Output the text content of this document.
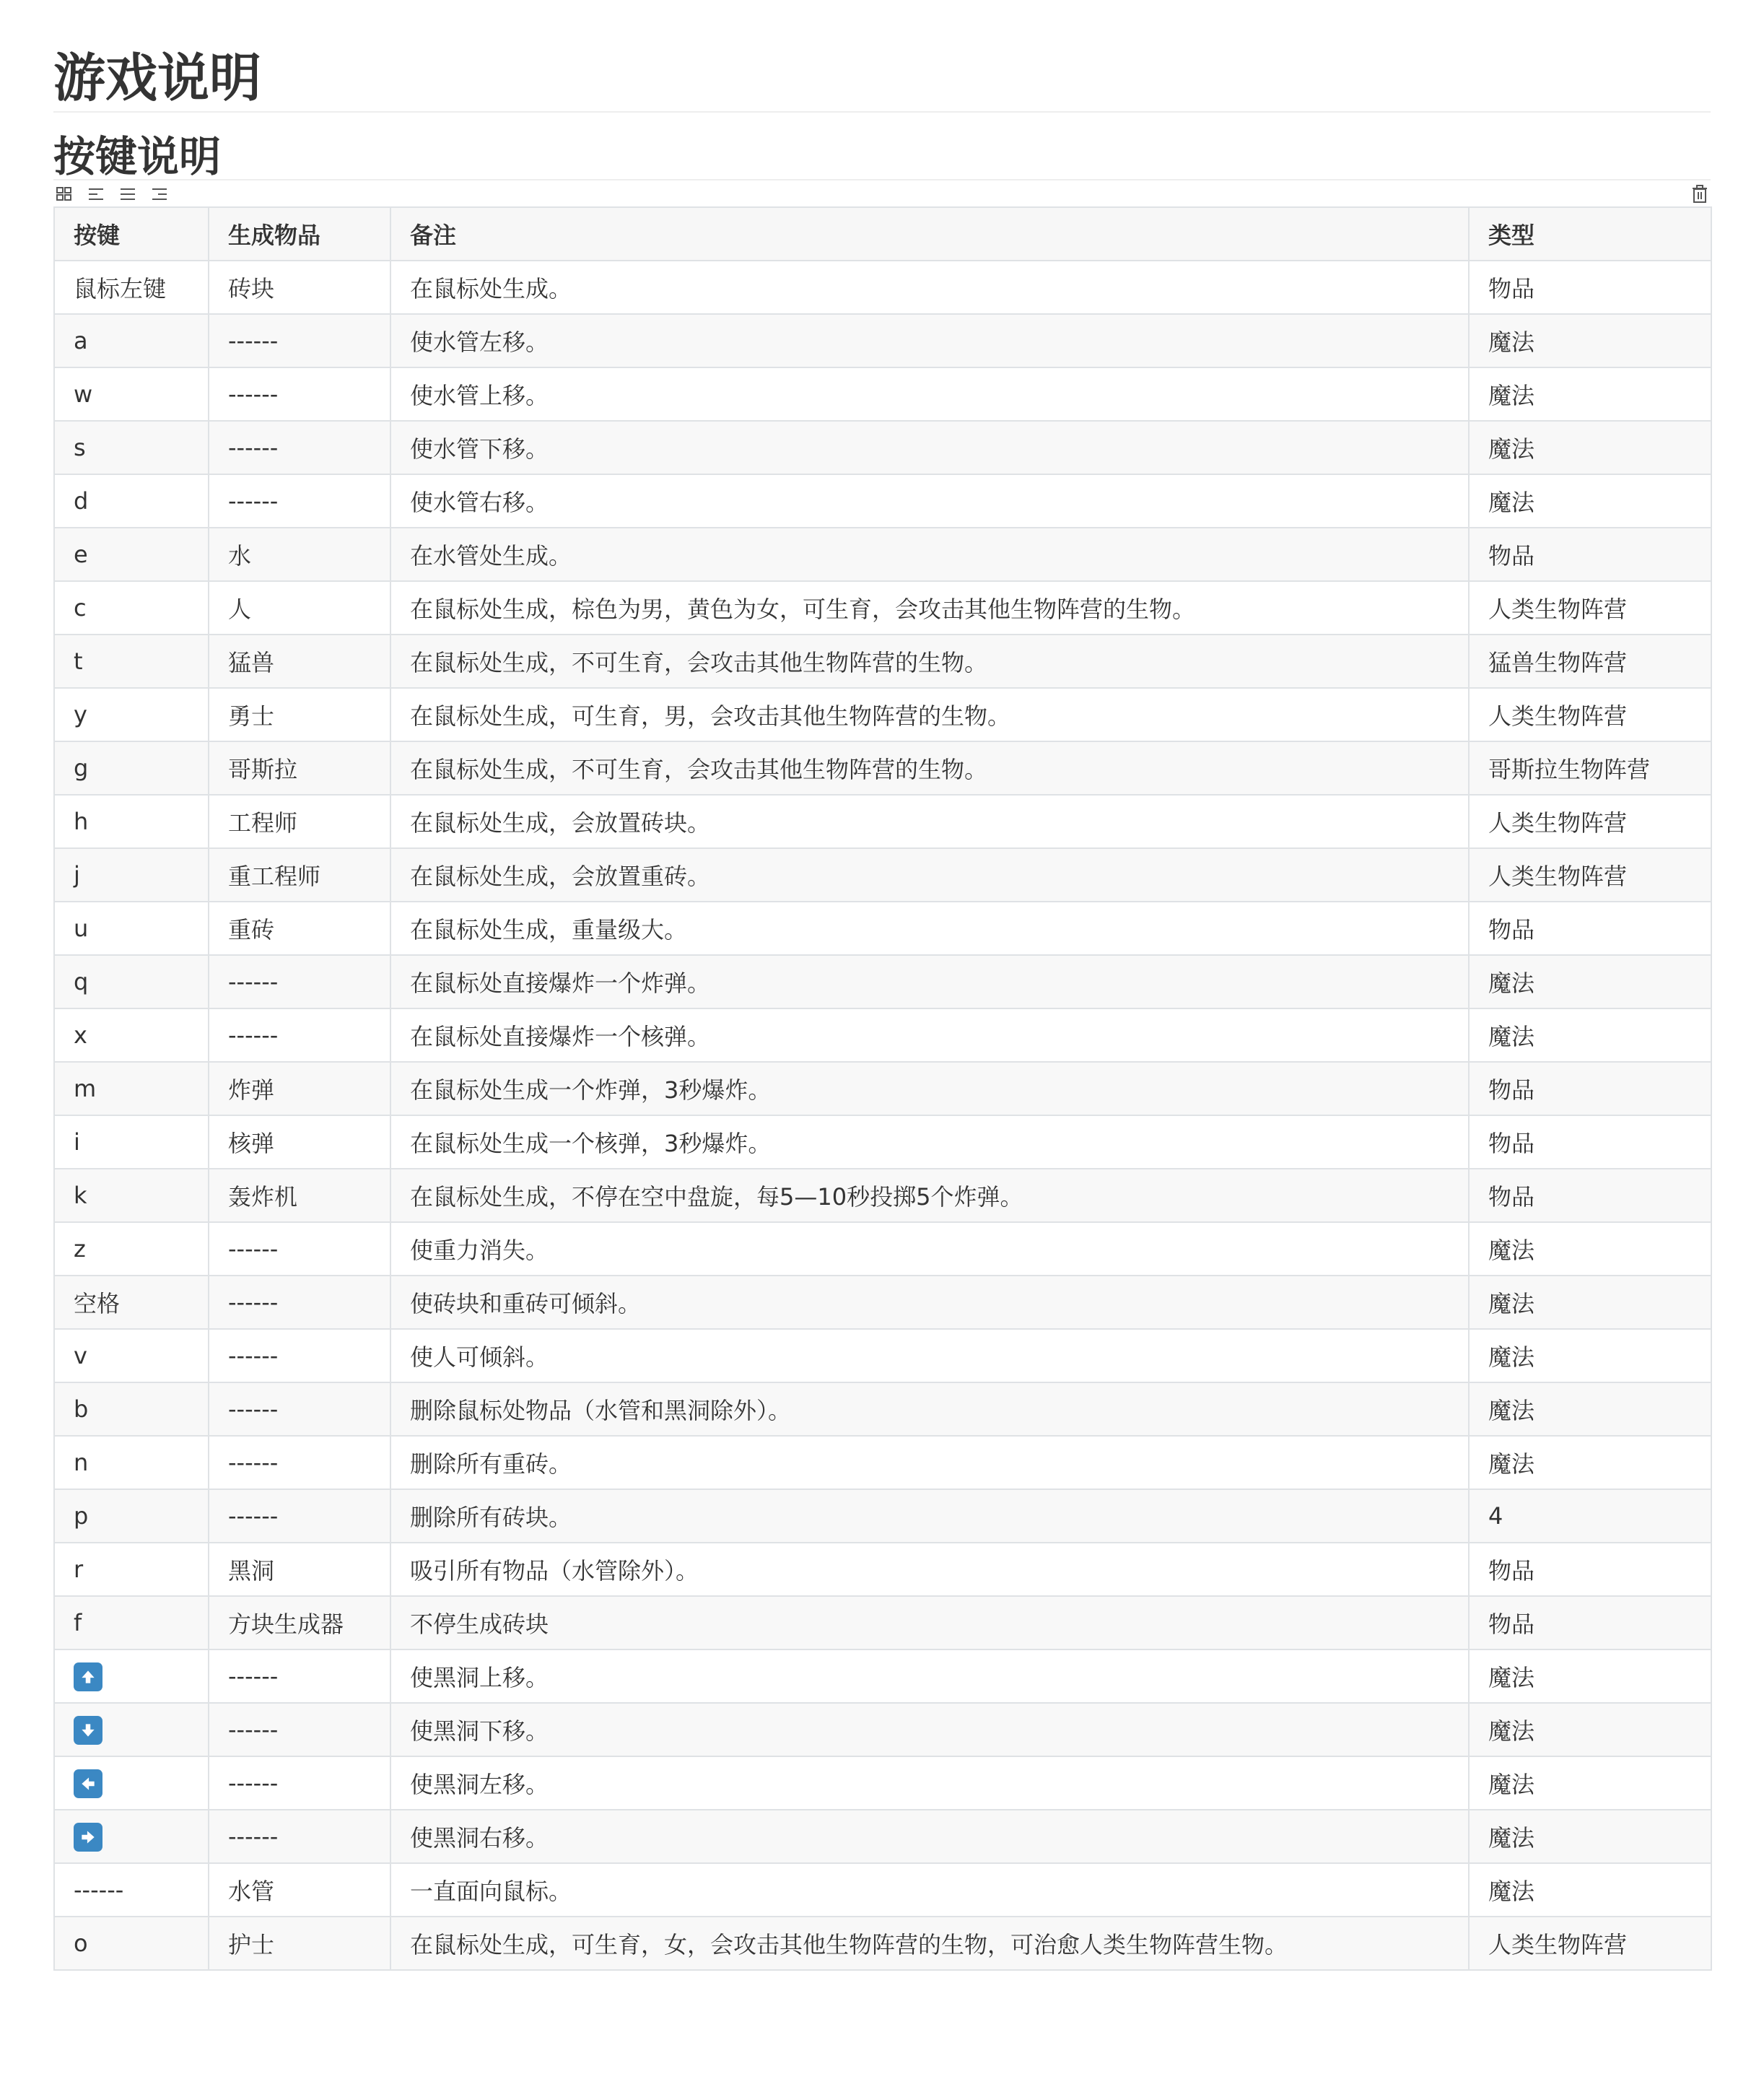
游戏说明
按键说明
按键	生成物品	备注	类型
鼠标左键	砖块	在鼠标处生成。	物品
a	------	使水管左移。	魔法
w	------	使水管上移。	魔法
s	------	使水管下移。	魔法
d	------	使水管右移。	魔法
e	水	在水管处生成。	物品
c	人	在鼠标处生成，棕色为男，黄色为女，可生育，会攻击其他生物阵营的生物。	人类生物阵营
t	猛兽	在鼠标处生成，不可生育，会攻击其他生物阵营的生物。	猛兽生物阵营
y	勇士	在鼠标处生成，可生育，男，会攻击其他生物阵营的生物。	人类生物阵营
g	哥斯拉	在鼠标处生成，不可生育，会攻击其他生物阵营的生物。	哥斯拉生物阵营
h	工程师	在鼠标处生成，会放置砖块。	人类生物阵营
j	重工程师	在鼠标处生成，会放置重砖。	人类生物阵营
u	重砖	在鼠标处生成，重量级大。	物品
q	------	在鼠标处直接爆炸一个炸弹。	魔法
x	------	在鼠标处直接爆炸一个核弹。	魔法
m	炸弹	在鼠标处生成一个炸弹，3秒爆炸。	物品
i	核弹	在鼠标处生成一个核弹，3秒爆炸。	物品
k	轰炸机	在鼠标处生成，不停在空中盘旋，每5—10秒投掷5个炸弹。	物品
z	------	使重力消失。	魔法
空格	------	使砖块和重砖可倾斜。	魔法
v	------	使人可倾斜。	魔法
b	------	删除鼠标处物品（水管和黑洞除外）。	魔法
n	------	删除所有重砖。	魔法
p	------	删除所有砖块。	4
r	黑洞	吸引所有物品（水管除外）。	物品
f	方块生成器	不停生成砖块	物品

	------	使黑洞上移。	魔法

	------	使黑洞下移。	魔法

	------	使黑洞左移。	魔法

	------	使黑洞右移。	魔法
------	水管	一直面向鼠标。	魔法
o	护士	在鼠标处生成，可生育，女，会攻击其他生物阵营的生物，可治愈人类生物阵营生物。	人类生物阵营
